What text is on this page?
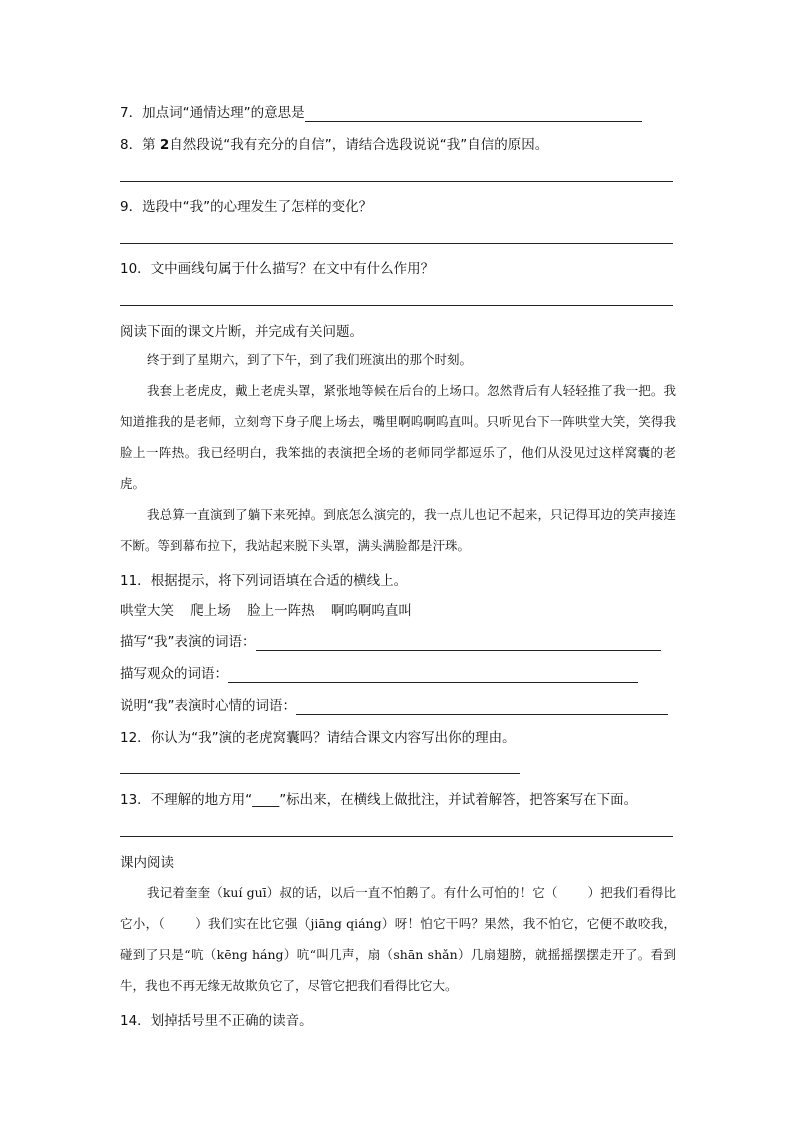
7．加点词“通情达理”的意思是
8．第 2自然段说“我有充分的自信”，请结合选段说说“我”自信的原因。
9．选段中“我”的心理发生了怎样的变化？
10．文中画线句属于什么描写？在文中有什么作用？
阅读下面的课文片断，并完成有关问题。

终于到了星期六，到了下午，到了我们班演出的那个时刻。

我套上老虎皮，戴上老虎头罩，紧张地等候在后台的上场口。忽然背后有人轻轻推了我一把。我知道推我的是老师，立刻弯下身子爬上场去，嘴里啊呜啊呜直叫。只听见台下一阵哄堂大笑，笑得我脸上一阵热。我已经明白，我笨拙的表演把全场的老师同学都逗乐了，他们从没见过这样窝囊的老虎。

我总算一直演到了躺下来死掉。到底怎么演完的，我一点儿也记不起来，只记得耳边的笑声接连不断。等到幕布拉下，我站起来脱下头罩，满头满脸都是汗珠。

11．根据提示，将下列词语填在合适的横线上。
哄堂大笑 爬上场 脸上一阵热 啊呜啊呜直叫
描写“我”表演的词语：
描写观众的词语：
说明“我”表演时心情的词语：
12．你认为“我”演的老虎窝囊吗？请结合课文内容写出你的理由。
13．不理解的地方用“____”标出来，在横线上做批注，并试着解答，把答案写在下面。
课内阅读

我记着奎奎（kuí guī）叔的话，以后一直不怕鹅了。有什么可怕的！它（ ）把我们看得比它小，（ ）我们实在比它强（jiāng qiáng）呀！怕它干吗？果然，我不怕它，它便不敢咬我，碰到了只是“吭（kēng háng）吭“叫几声，扇（shān shǎn）几扇翅膀，就摇摇摆摆走开了。看到牛，我也不再无缘无故欺负它了，尽管它把我们看得比它大。

14．划掉括号里不正确的读音。
